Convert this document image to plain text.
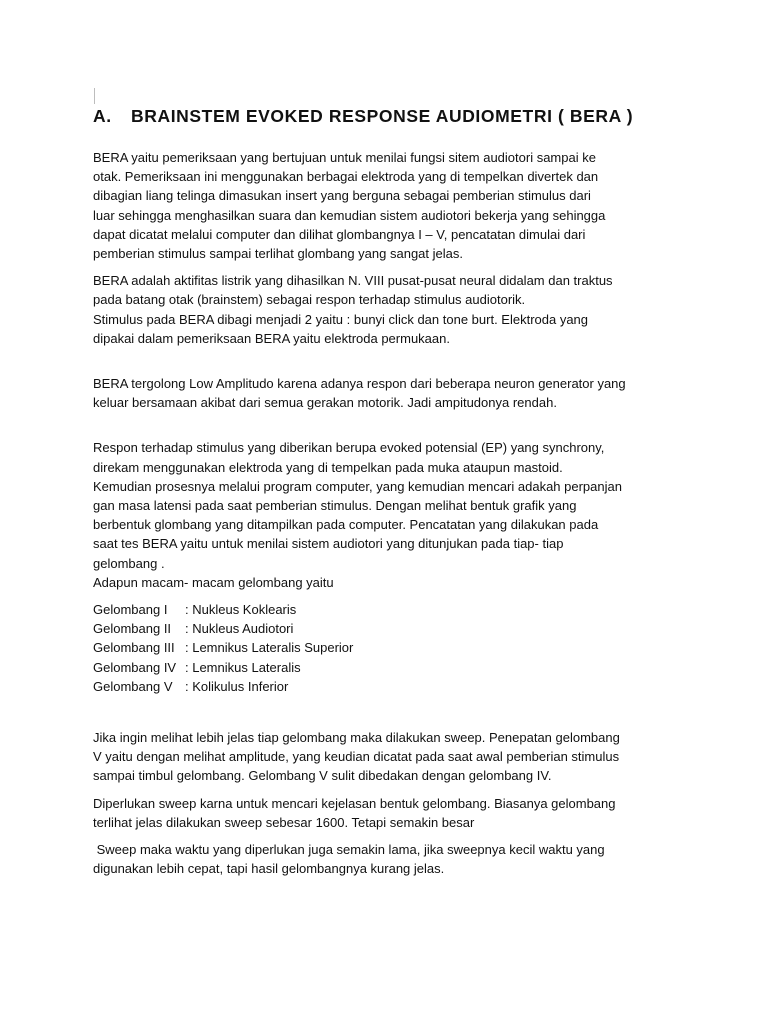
A. BRAINSTEM EVOKED RESPONSE AUDIOMETRI ( BERA )

BERA yaitu pemeriksaan yang bertujuan untuk menilai fungsi sitem audiotori sampai ke
otak. Pemeriksaan ini menggunakan berbagai elektroda yang di tempelkan divertek dan
dibagian liang telinga dimasukan insert yang berguna sebagai pemberian stimulus dari
luar sehingga menghasilkan suara dan kemudian sistem audiotori bekerja yang sehingga
dapat dicatat melalui computer dan dilihat glombangnya I – V, pencatatan dimulai dari
pemberian stimulus sampai terlihat glombang yang sangat jelas.

BERA adalah aktifitas listrik yang dihasilkan N. VIII pusat-pusat neural didalam dan traktus
pada batang otak (brainstem) sebagai respon terhadap stimulus audiotorik.
Stimulus pada BERA dibagi menjadi 2 yaitu : bunyi click dan tone burt. Elektroda yang
dipakai dalam pemeriksaan BERA yaitu elektroda permukaan.

BERA tergolong Low Amplitudo karena adanya respon dari beberapa neuron generator yang
keluar bersamaan akibat dari semua gerakan motorik. Jadi ampitudonya rendah.

Respon terhadap stimulus yang diberikan berupa evoked potensial (EP) yang synchrony,
direkam menggunakan elektroda yang di tempelkan pada muka ataupun mastoid.
Kemudian prosesnya melalui program computer, yang kemudian mencari adakah perpanjan
gan masa latensi pada saat pemberian stimulus. Dengan melihat bentuk grafik yang
berbentuk glombang yang ditampilkan pada computer. Pencatatan yang dilakukan pada
saat tes BERA yaitu untuk menilai sistem audiotori yang ditunjukan pada tiap- tiap
gelombang .
Adapun macam- macam gelombang yaitu

Gelombang I : Nukleus Koklearis
Gelombang II : Nukleus Audiotori
Gelombang III : Lemnikus Lateralis Superior
Gelombang IV : Lemnikus Lateralis
Gelombang V : Kolikulus Inferior

Jika ingin melihat lebih jelas tiap gelombang maka dilakukan sweep. Penepatan gelombang
V yaitu dengan melihat amplitude, yang keudian dicatat pada saat awal pemberian stimulus
sampai timbul gelombang. Gelombang V sulit dibedakan dengan gelombang IV.

Diperlukan sweep karna untuk mencari kejelasan bentuk gelombang. Biasanya gelombang
terlihat jelas dilakukan sweep sebesar 1600. Tetapi semakin besar

Sweep maka waktu yang diperlukan juga semakin lama, jika sweepnya kecil waktu yang
digunakan lebih cepat, tapi hasil gelombangnya kurang jelas.
